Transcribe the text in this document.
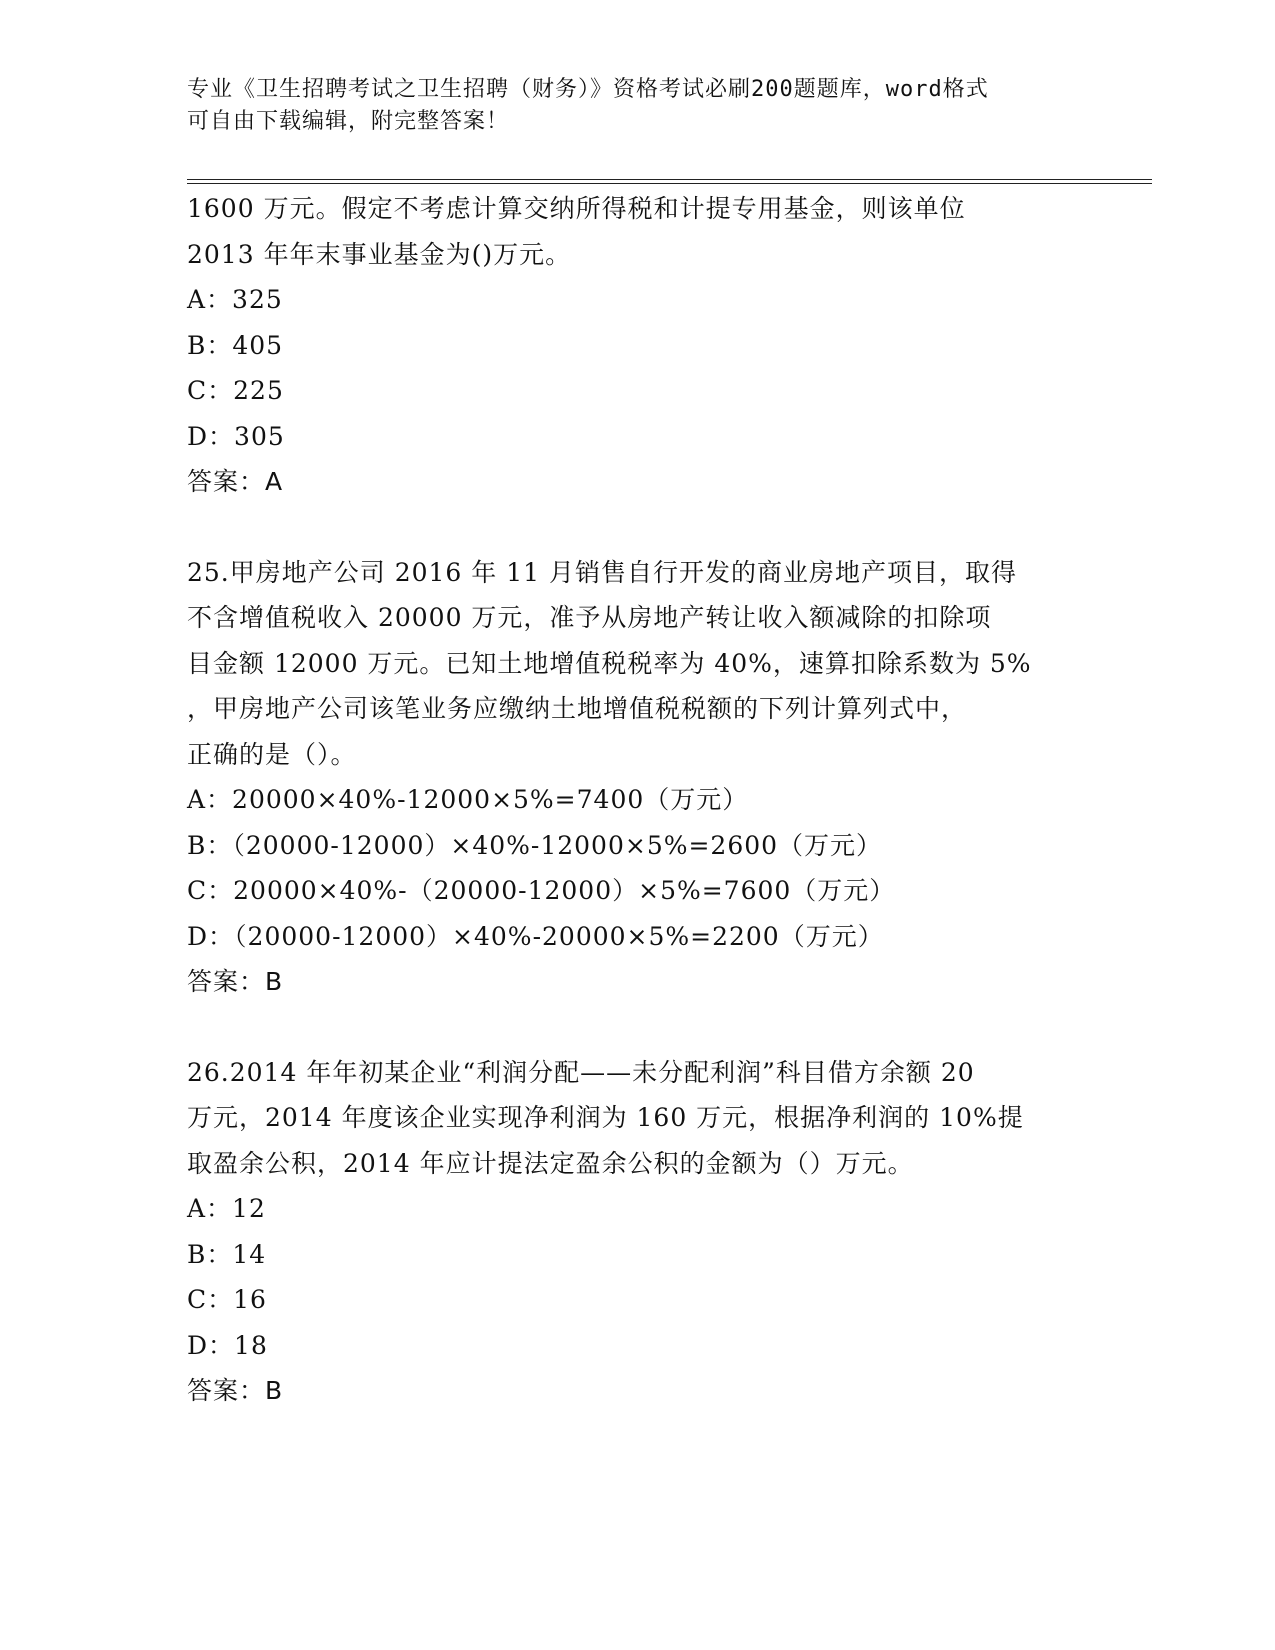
专业《卫生招聘考试之卫生招聘（财务）》资格考试必刷200题题库，word格式
可自由下载编辑，附完整答案！
1600 万元。假定不考虑计算交纳所得税和计提专用基金，则该单位
2013 年年末事业基金为()万元。
A：325
B：405
C：225
D：305
答案：A
25.甲房地产公司 2016 年 11 月销售自行开发的商业房地产项目，取得
不含增值税收入 20000 万元，准予从房地产转让收入额减除的扣除项
目金额 12000 万元。已知土地增值税税率为 40%，速算扣除系数为 5%
，甲房地产公司该笔业务应缴纳土地增值税税额的下列计算列式中，
正确的是（）。
A：20000×40%-12000×5%=7400（万元）
B：（20000-12000）×40%-12000×5%=2600（万元）
C：20000×40%-（20000-12000）×5%=7600（万元）
D：（20000-12000）×40%-20000×5%=2200（万元）
答案：B
26.2014 年年初某企业“利润分配——未分配利润”科目借方余额 20
万元，2014 年度该企业实现净利润为 160 万元，根据净利润的 10%提
取盈余公积，2014 年应计提法定盈余公积的金额为（）万元。
A：12
B：14
C：16
D：18
答案：B
